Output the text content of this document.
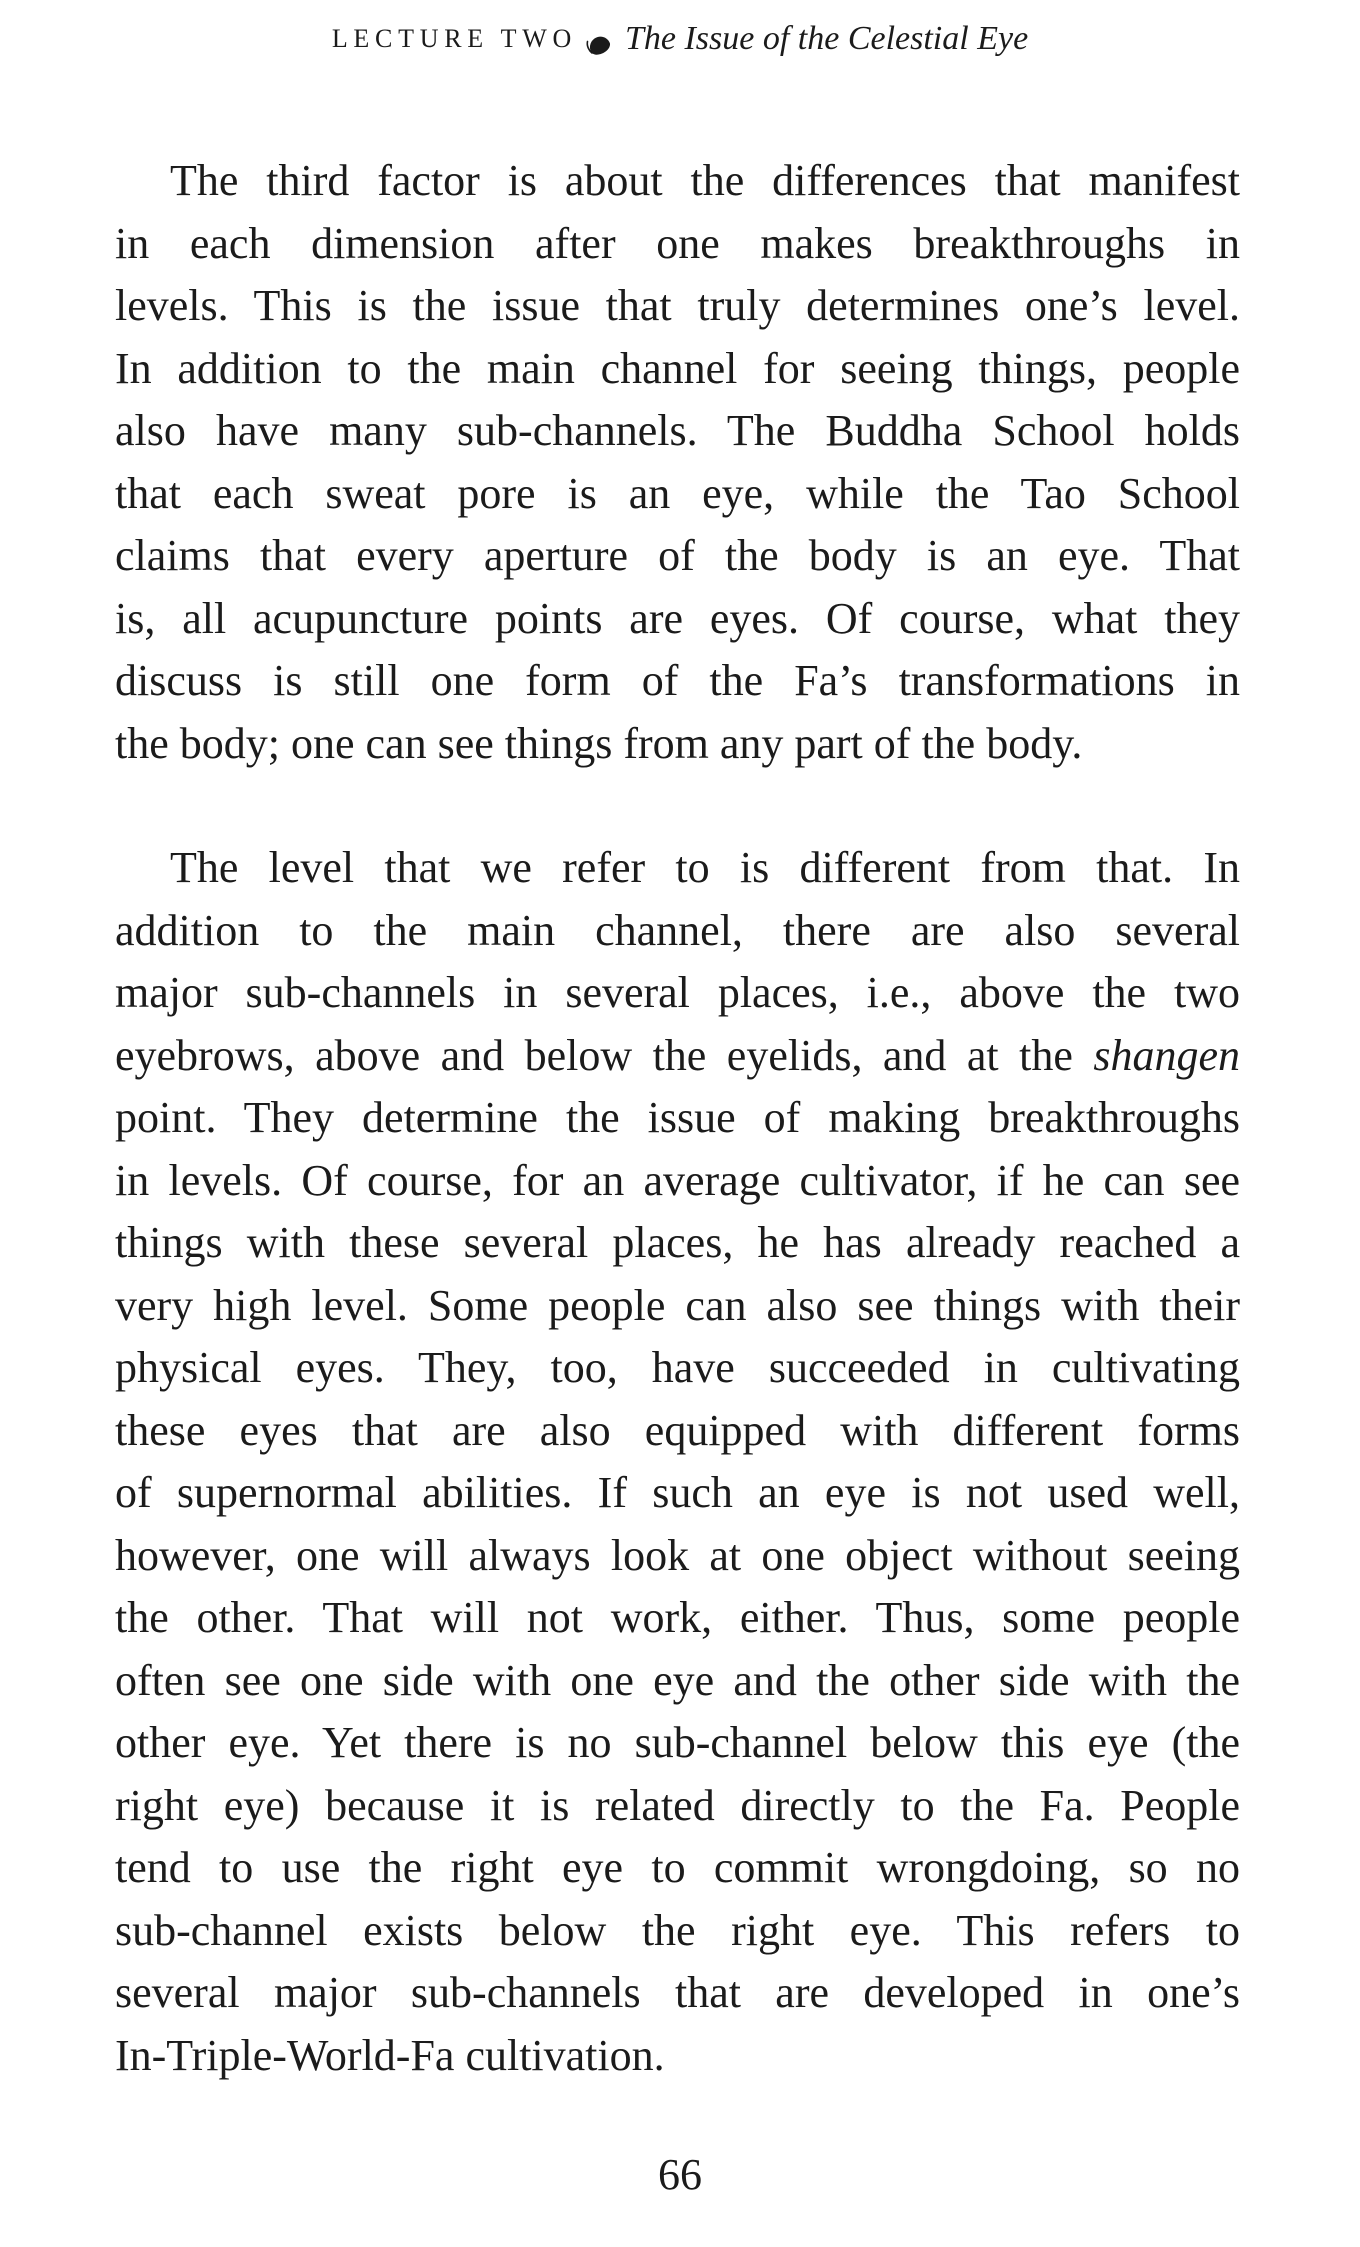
LECTURE TWO The Issue of the Celestial Eye
The third factor is about the differences that manifest
in each dimension after one makes breakthroughs in
levels. This is the issue that truly determines one’s level.
In addition to the main channel for seeing things, people
also have many sub-channels. The Buddha School holds
that each sweat pore is an eye, while the Tao School
claims that every aperture of the body is an eye. That
is, all acupuncture points are eyes. Of course, what they
discuss is still one form of the Fa’s transformations in
the body; one can see things from any part of the body.
The level that we refer to is different from that. In
addition to the main channel, there are also several
major sub-channels in several places, i.e., above the two
eyebrows, above and below the eyelids, and at the shangen
point. They determine the issue of making breakthroughs
in levels. Of course, for an average cultivator, if he can see
things with these several places, he has already reached a
very high level. Some people can also see things with their
physical eyes. They, too, have succeeded in cultivating
these eyes that are also equipped with different forms
of supernormal abilities. If such an eye is not used well,
however, one will always look at one object without seeing
the other. That will not work, either. Thus, some people
often see one side with one eye and the other side with the
other eye. Yet there is no sub-channel below this eye (the
right eye) because it is related directly to the Fa. People
tend to use the right eye to commit wrongdoing, so no
sub-channel exists below the right eye. This refers to
several major sub-channels that are developed in one’s
In-Triple-World-Fa cultivation.
66
